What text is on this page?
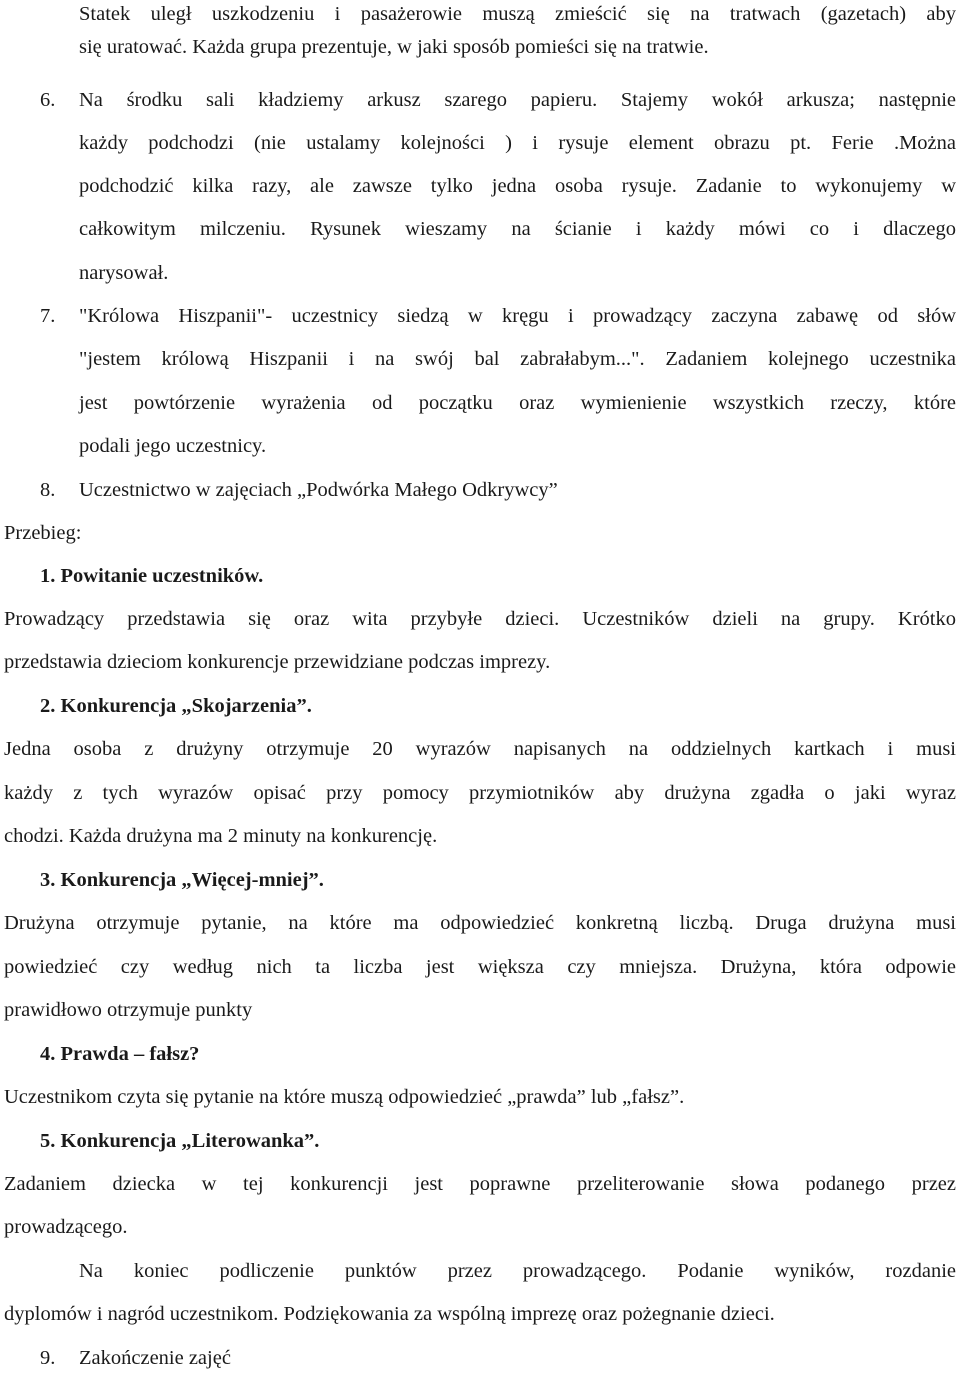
Statek uległ uszkodzeniu i pasażerowie muszą zmieścić się na tratwach (gazetach) aby
się uratować. Każda grupa prezentuje, w jaki sposób pomieści się na tratwie.
6. Na środku sali kładziemy arkusz szarego papieru. Stajemy wokół arkusza; następnie
każdy podchodzi (nie ustalamy kolejności ) i rysuje element obrazu pt. Ferie .Można
podchodzić kilka razy, ale zawsze tylko jedna osoba rysuje. Zadanie to wykonujemy w
całkowitym milczeniu. Rysunek wieszamy na ścianie i każdy mówi co i dlaczego
narysował.
7. "Królowa Hiszpanii"- uczestnicy siedzą w kręgu i prowadzący zaczyna zabawę od słów
"jestem królową Hiszpanii i na swój bal zabrałabym...". Zadaniem kolejnego uczestnika
jest powtórzenie wyrażenia od początku oraz wymienienie wszystkich rzeczy, które
podali jego uczestnicy.
8. Uczestnictwo w zajęciach „Podwórka Małego Odkrywcy”
Przebieg:
1. Powitanie uczestników.
Prowadzący przedstawia się oraz wita przybyłe dzieci. Uczestników dzieli na grupy. Krótko
przedstawia dzieciom konkurencje przewidziane podczas imprezy.
2. Konkurencja „Skojarzenia”.
Jedna osoba z drużyny otrzymuje 20 wyrazów napisanych na oddzielnych kartkach i musi
każdy z tych wyrazów opisać przy pomocy przymiotników aby drużyna zgadła o jaki wyraz
chodzi. Każda drużyna ma 2 minuty na konkurencję.
3. Konkurencja „Więcej-mniej”.
Drużyna otrzymuje pytanie, na które ma odpowiedzieć konkretną liczbą. Druga drużyna musi
powiedzieć czy według nich ta liczba jest większa czy mniejsza. Drużyna, która odpowie
prawidłowo otrzymuje punkty
4. Prawda – fałsz?
Uczestnikom czyta się pytanie na które muszą odpowiedzieć „prawda” lub „fałsz”.
5. Konkurencja „Literowanka”.
Zadaniem dziecka w tej konkurencji jest poprawne przeliterowanie słowa podanego przez
prowadzącego.
Na koniec podliczenie punktów przez prowadzącego. Podanie wyników, rozdanie
dyplomów i nagród uczestnikom. Podziękowania za wspólną imprezę oraz pożegnanie dzieci.
9. Zakończenie zajęć
